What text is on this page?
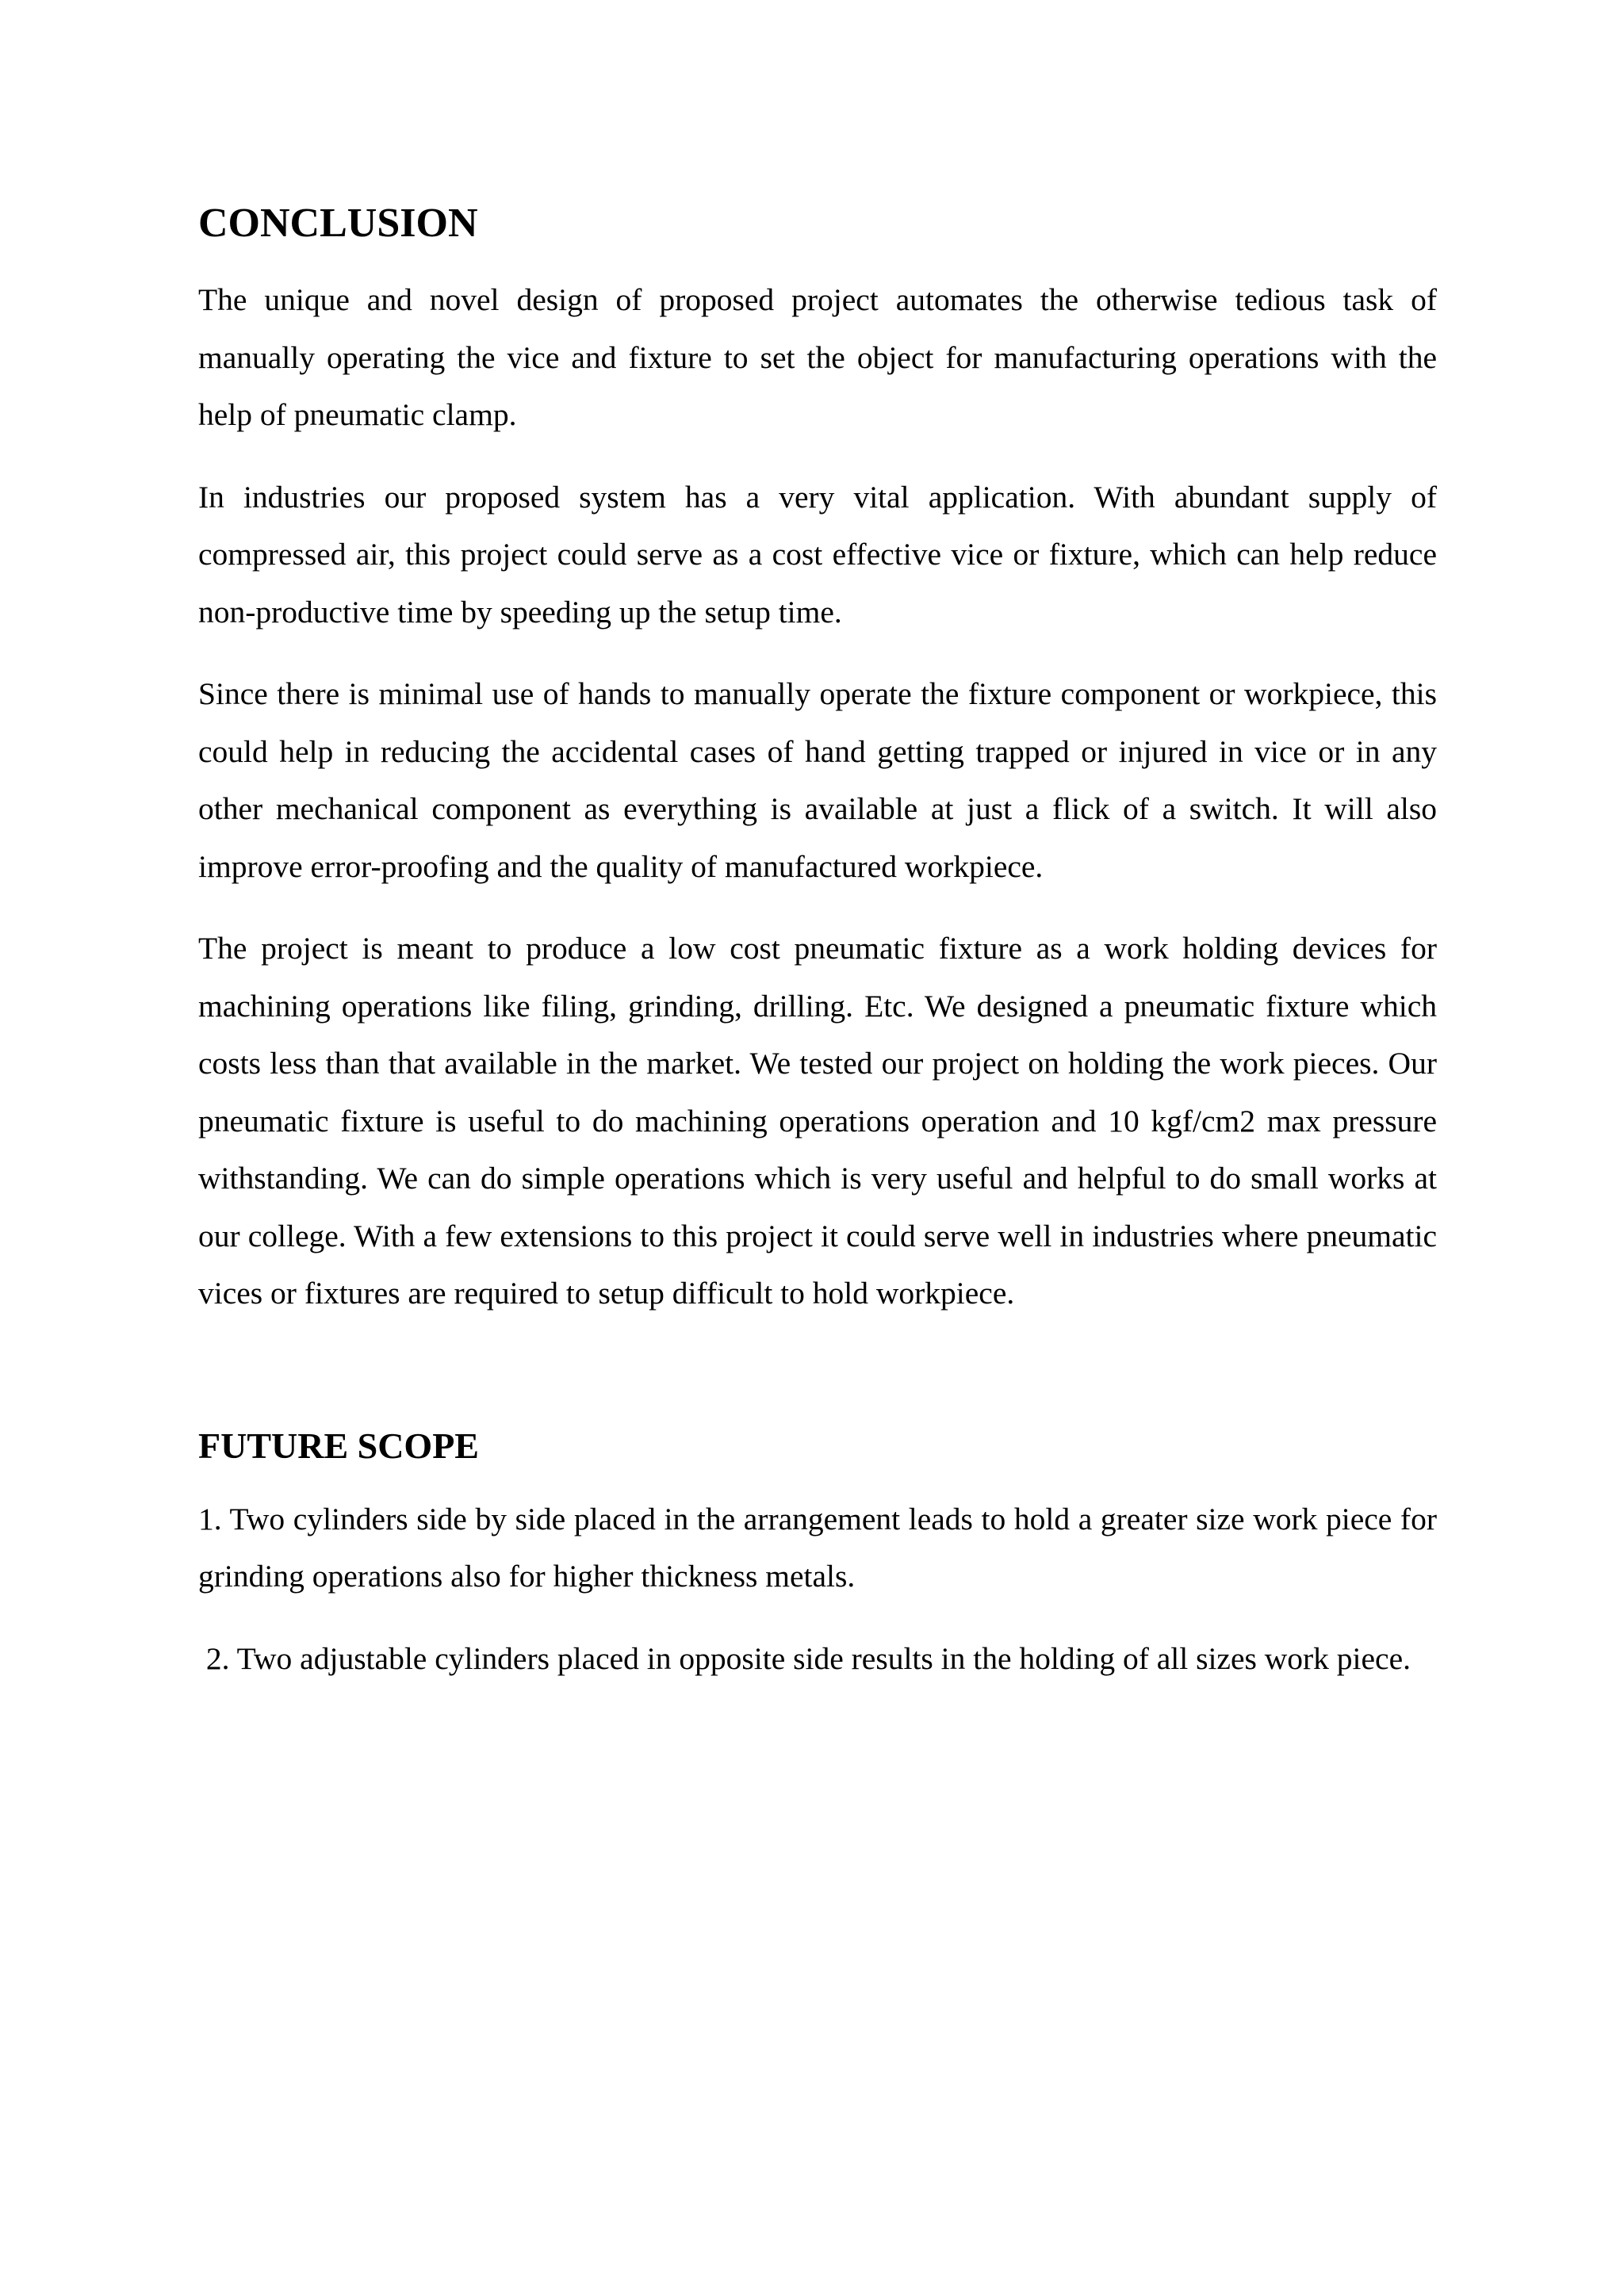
CONCLUSION

The unique and novel design of proposed project automates the otherwise tedious task of manually operating the vice and fixture to set the object for manufacturing operations with the help of pneumatic clamp.

In industries our proposed system has a very vital application. With abundant supply of compressed air, this project could serve as a cost effective vice or fixture, which can help reduce non-productive time by speeding up the setup time.

Since there is minimal use of hands to manually operate the fixture component or workpiece, this could help in reducing the accidental cases of hand getting trapped or injured in vice or in any other mechanical component as everything is available at just a flick of a switch. It will also improve error-proofing and the quality of manufactured workpiece.

The project is meant to produce a low cost pneumatic fixture as a work holding devices for machining operations like filing, grinding, drilling. Etc. We designed a pneumatic fixture which costs less than that available in the market. We tested our project on holding the work pieces. Our pneumatic fixture is useful to do machining operations operation and 10 kgf/cm2 max pressure withstanding. We can do simple operations which is very useful and helpful to do small works at our college. With a few extensions to this project it could serve well in industries where pneumatic vices or fixtures are required to setup difficult to hold workpiece.

FUTURE SCOPE

1. Two cylinders side by side placed in the arrangement leads to hold a greater size work piece for grinding operations also for higher thickness metals.

2. Two adjustable cylinders placed in opposite side results in the holding of all sizes work piece.
